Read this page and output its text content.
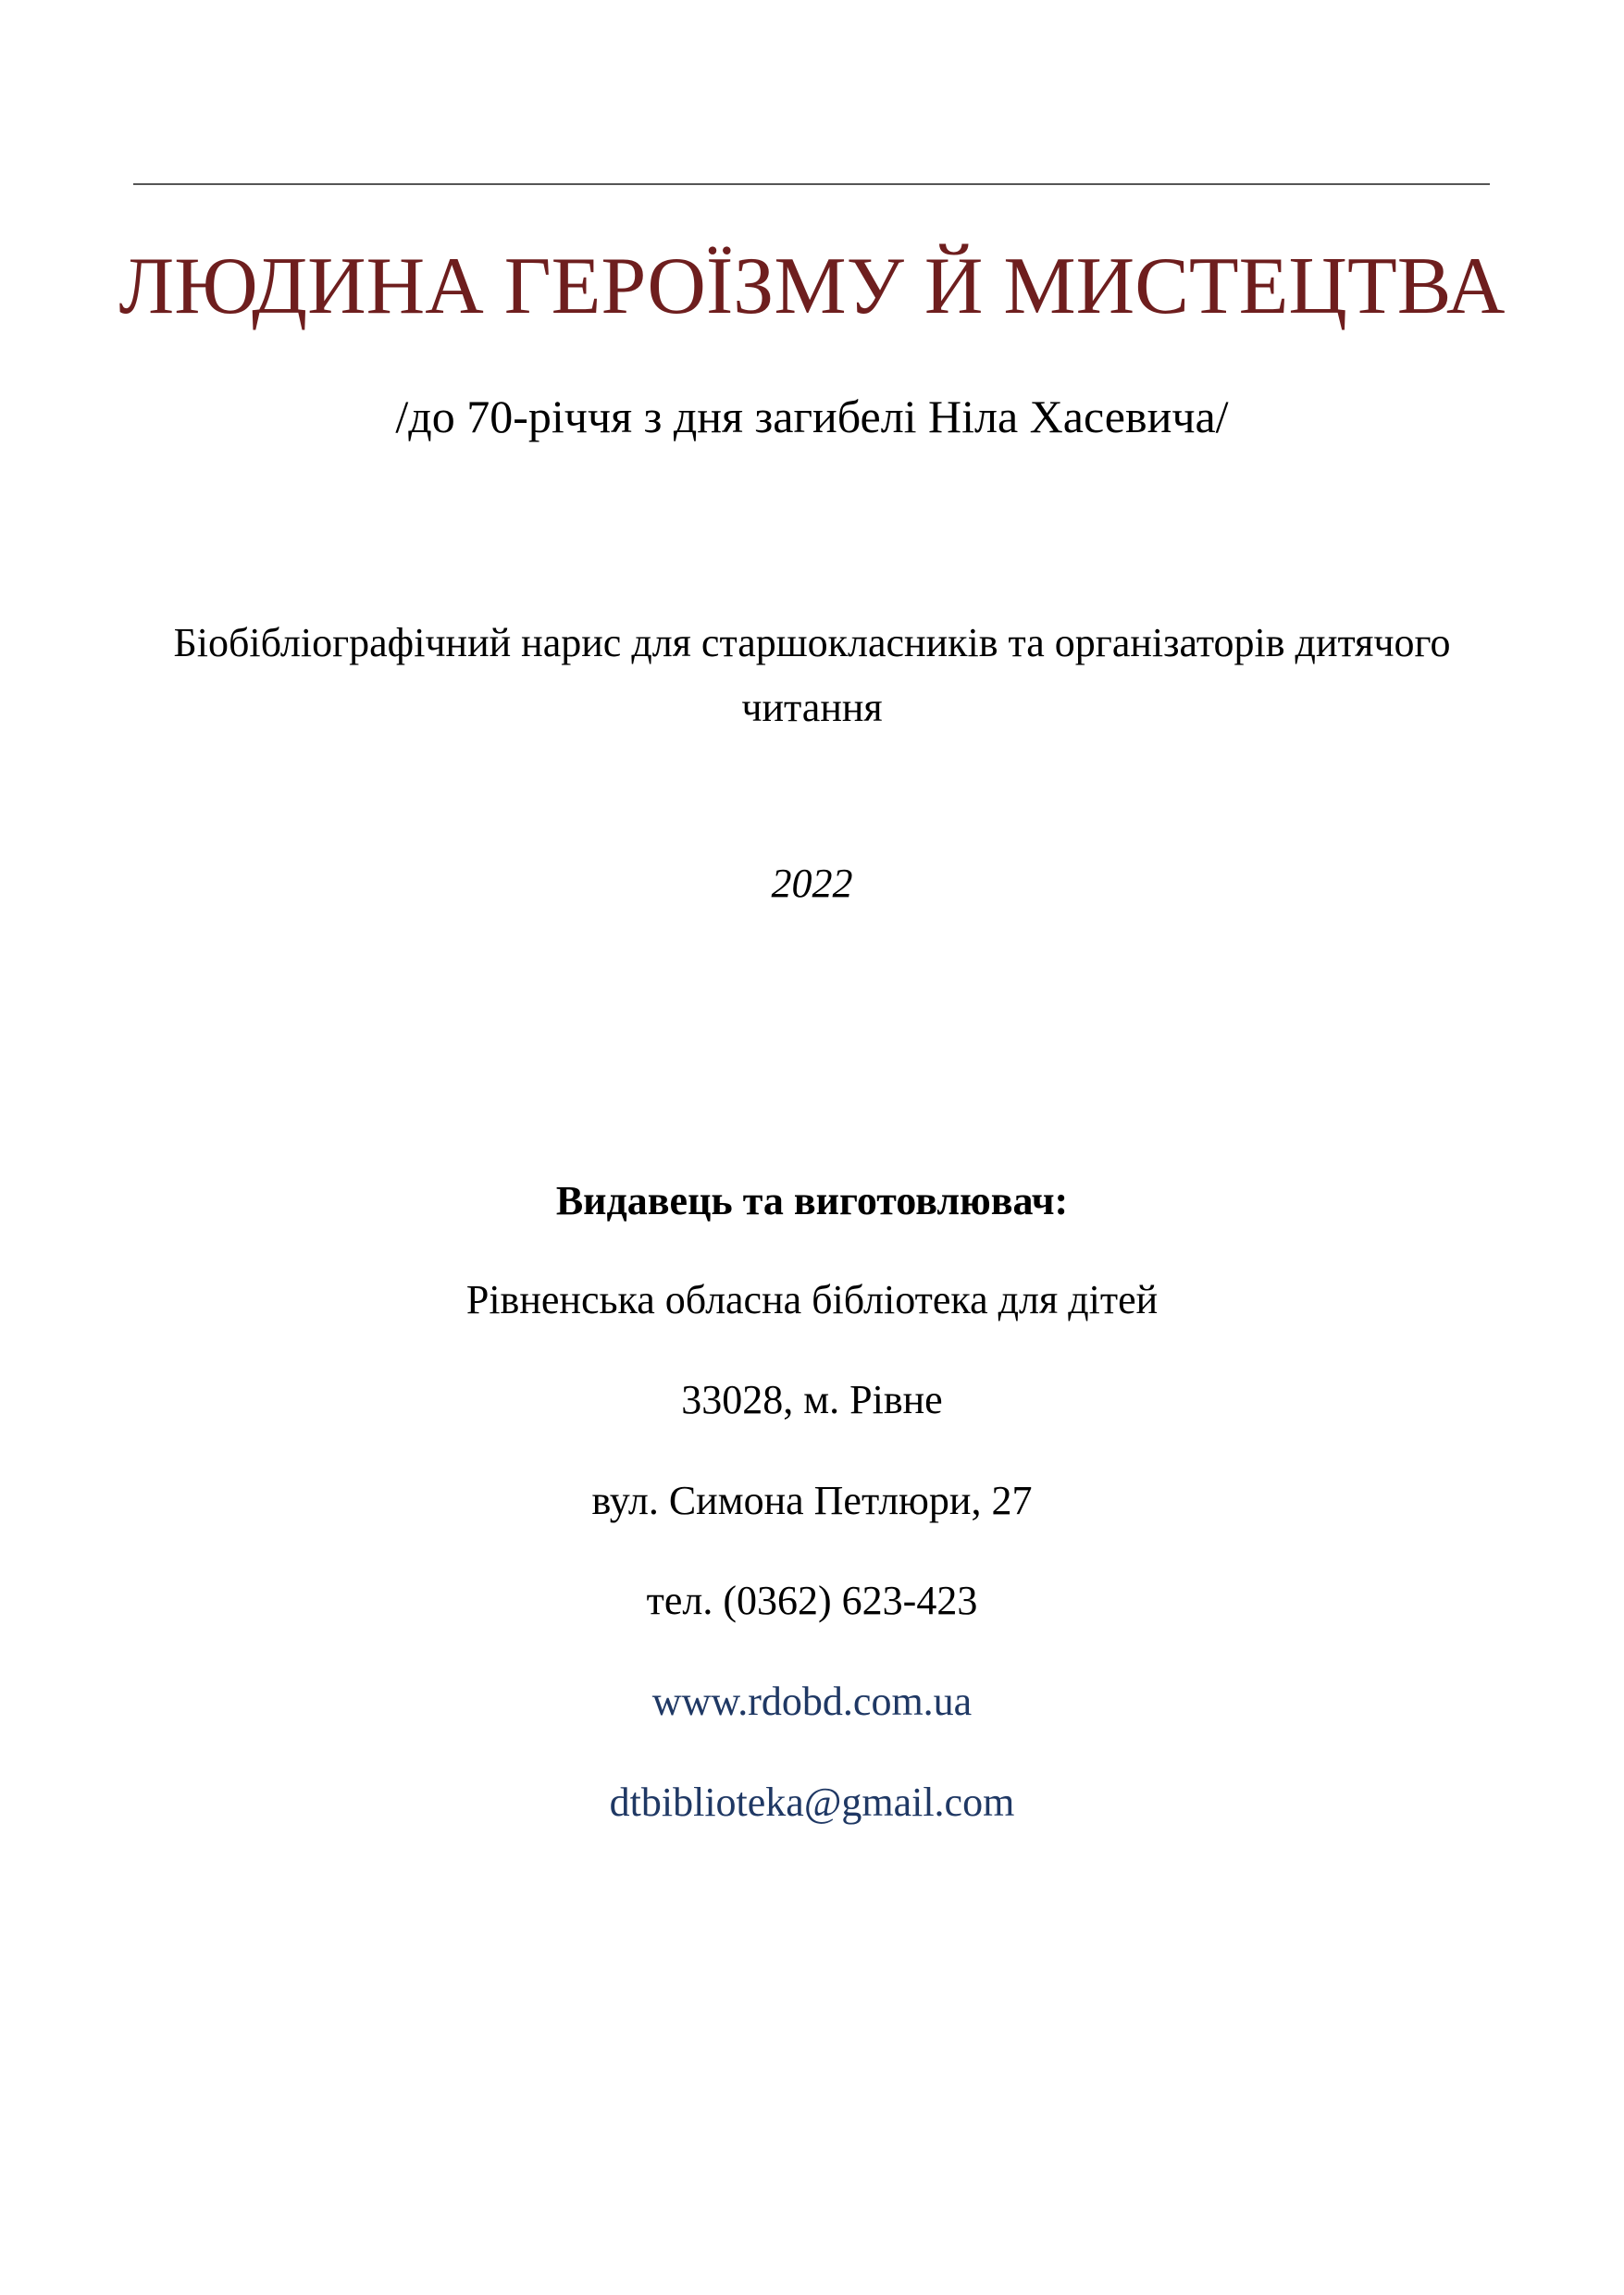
ЛЮДИНА ГЕРОЇЗМУ Й МИСТЕЦТВА

/до 70-річчя з дня загибелі Ніла Хасевича/

Біобібліографічний нарис для старшокласників та організаторів дитячого читання

2022

Видавець та виготовлювач:

Рівненська обласна бібліотека для дітей

33028, м. Рівне

вул. Симона Петлюри, 27

тел. (0362) 623-423

www.rdobd.com.ua

dtbiblioteka@gmail.com
